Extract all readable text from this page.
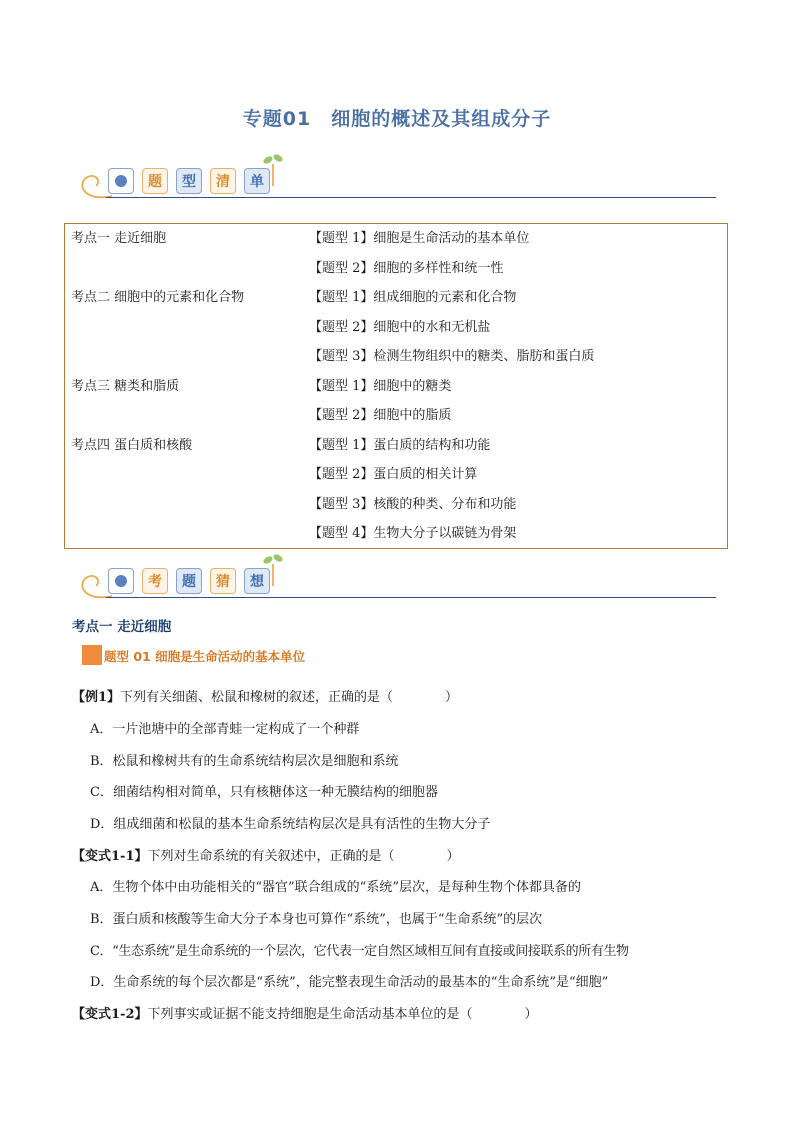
专题01　细胞的概述及其组成分子
题	型	清	单
考点一 走近细胞	【题型 1】细胞是生命活动的基本单位
【题型 2】细胞的多样性和统一性
考点二 细胞中的元素和化合物	【题型 1】组成细胞的元素和化合物
【题型 2】细胞中的水和无机盐
【题型 3】检测生物组织中的糖类、脂肪和蛋白质
考点三 糖类和脂质	【题型 1】细胞中的糖类
【题型 2】细胞中的脂质
考点四 蛋白质和核酸	【题型 1】蛋白质的结构和功能
【题型 2】蛋白质的相关计算
【题型 3】核酸的种类、分布和功能
【题型 4】生物大分子以碳链为骨架
考	题	猜	想
考点一 走近细胞
题型 01 细胞是生命活动的基本单位
【例1】下列有关细菌、松鼠和橡树的叙述，正确的是（　　　　）
A．一片池塘中的全部青蛙一定构成了一个种群
B．松鼠和橡树共有的生命系统结构层次是细胞和系统
C．细菌结构相对简单，只有核糖体这一种无膜结构的细胞器
D．组成细菌和松鼠的基本生命系统结构层次是具有活性的生物大分子
【变式1-1】下列对生命系统的有关叙述中，正确的是（　　　　）
A．生物个体中由功能相关的“器官”联合组成的“系统”层次，是每种生物个体都具备的
B．蛋白质和核酸等生命大分子本身也可算作“系统”，也属于“生命系统”的层次
C．“生态系统”是生命系统的一个层次，它代表一定自然区域相互间有直接或间接联系的所有生物
D．生命系统的每个层次都是“系统”，能完整表现生命活动的最基本的“生命系统”是“细胞”
【变式1-2】下列事实或证据不能支持细胞是生命活动基本单位的是（　　　　）
